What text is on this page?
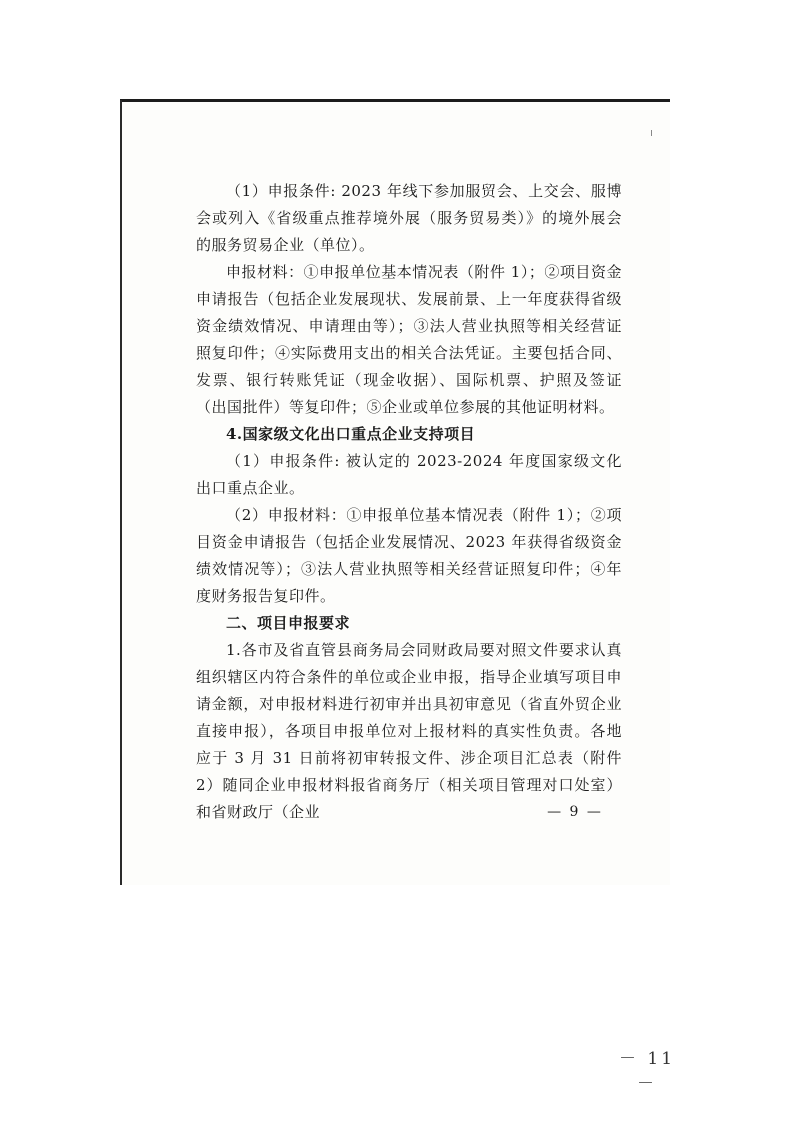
（1）申报条件: 2023 年线下参加服贸会、上交会、服博会或列入《省级重点推荐境外展（服务贸易类）》的境外展会的服务贸易企业（单位）。

申报材料：①申报单位基本情况表（附件 1）；②项目资金申请报告（包括企业发展现状、发展前景、上一年度获得省级资金绩效情况、申请理由等）；③法人营业执照等相关经营证照复印件；④实际费用支出的相关合法凭证。主要包括合同、发票、银行转账凭证（现金收据）、国际机票、护照及签证（出国批件）等复印件；⑤企业或单位参展的其他证明材料。

4.国家级文化出口重点企业支持项目

（1）申报条件: 被认定的 2023-2024 年度国家级文化出口重点企业。

（2）申报材料：①申报单位基本情况表（附件 1）；②项目资金申请报告（包括企业发展情况、2023 年获得省级资金绩效情况等）；③法人营业执照等相关经营证照复印件；④年度财务报告复印件。

二、项目申报要求

1.各市及省直管县商务局会同财政局要对照文件要求认真组织辖区内符合条件的单位或企业申报，指导企业填写项目申请金额，对申报材料进行初审并出具初审意见（省直外贸企业直接申报），各项目申报单位对上报材料的真实性负责。各地应于 3 月 31 日前将初审转报文件、涉企项目汇总表（附件 2）随同企业申报材料报省商务厅（相关项目管理对口处室）和省财政厅（企业	— 9 —
－ 11 －
